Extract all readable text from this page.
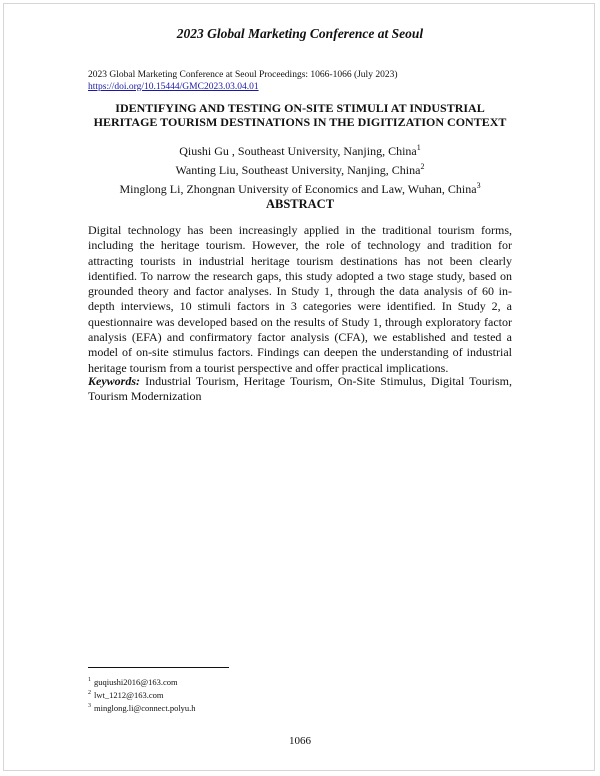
2023 Global Marketing Conference at Seoul
2023 Global Marketing Conference at Seoul Proceedings: 1066-1066 (July 2023)
https://doi.org/10.15444/GMC2023.03.04.01
IDENTIFYING AND TESTING ON-SITE STIMULI AT INDUSTRIAL
HERITAGE TOURISM DESTINATIONS IN THE DIGITIZATION CONTEXT
Qiushi Gu , Southeast University, Nanjing, China$^1$
Wanting Liu, Southeast University, Nanjing, China$^2$
Minglong Li, Zhongnan University of Economics and Law, Wuhan, China$^3$
ABSTRACT

Digital technology has been increasingly applied in the traditional tourism forms, including the heritage tourism. However, the role of technology and tradition for attracting tourists in industrial heritage tourism destinations has not been clearly identified. To narrow the research gaps, this study adopted a two stage study, based on grounded theory and factor analyses. In Study 1, through the data analysis of 60 in-depth interviews, 10 stimuli factors in 3 categories were identified. In Study 2, a questionnaire was developed based on the results of Study 1, through exploratory factor analysis (EFA) and confirmatory factor analysis (CFA), we established and tested a model of on-site stimulus factors. Findings can deepen the understanding of industrial heritage tourism from a tourist perspective and offer practical implications.

Keywords: Industrial Tourism, Heritage Tourism, On-Site Stimulus, Digital Tourism, Tourism Modernization

$^1$ guqiushi2016@163.com
$^2$ lwt_1212@163.com
$^3$ minglong.li@connect.polyu.h
1066
